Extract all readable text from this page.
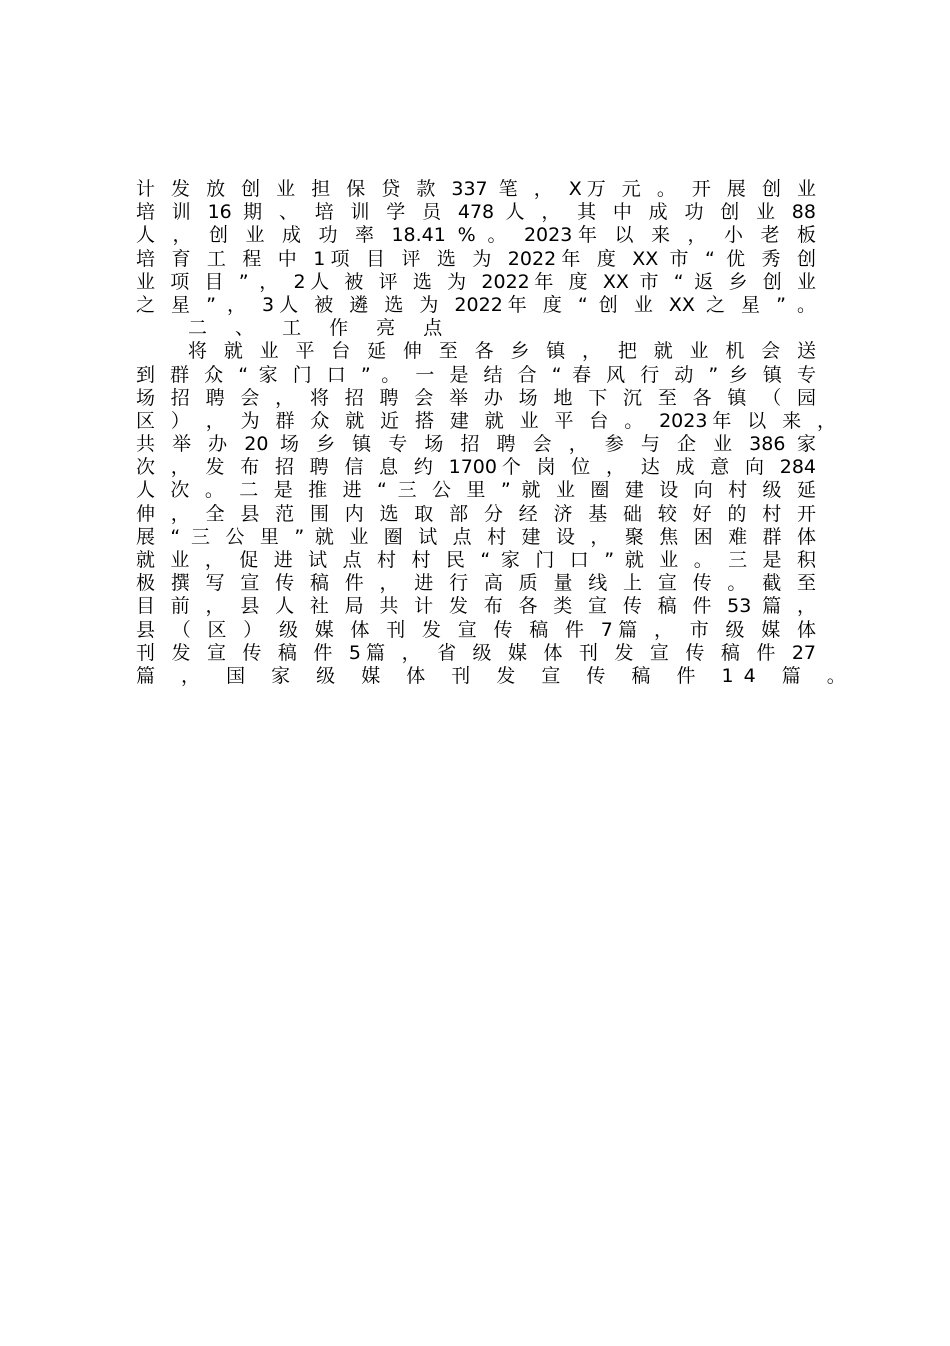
计 发 放 创 业 担 保 贷 款 337 笔 ， X万 元 。 开 展 创 业
培 训 16 期 、 培 训 学 员 478 人 ， 其 中 成 功 创 业 88
人 ， 创 业 成 功 率 18.41 % 。 2023年 以 来 ， 小 老 板
培 育 工 程 中 1项 目 评 选 为 2022年 度 XX 市 “ 优 秀 创
业 项 目 ” ， 2人 被 评 选 为 2022年 度 XX 市 “ 返 乡 创 业
之 星 ” ， 3人 被 遴 选 为 2022年 度 “ 创 业 XX 之 星 ” 。
二 、 工 作 亮 点
将 就 业 平 台 延 伸 至 各 乡 镇 ， 把 就 业 机 会 送
到 群 众 “ 家 门 口 ” 。 一 是 结 合 “ 春 风 行 动 ” 乡 镇 专
场 招 聘 会 ， 将 招 聘 会 举 办 场 地 下 沉 至 各 镇 （ 园
区 ） ， 为 群 众 就 近 搭 建 就 业 平 台 。 2023年 以 来 ，
共 举 办 20 场 乡 镇 专 场 招 聘 会 ， 参 与 企 业 386 家
次 ， 发 布 招 聘 信 息 约 1700个 岗 位 ， 达 成 意 向 284
人 次 。 二 是 推 进 “ 三 公 里 ” 就 业 圈 建 设 向 村 级 延
伸 ， 全 县 范 围 内 选 取 部 分 经 济 基 础 较 好 的 村 开
展 “ 三 公 里 ” 就 业 圈 试 点 村 建 设 ， 聚 焦 困 难 群 体
就 业 ， 促 进 试 点 村 村 民 “ 家 门 口 ” 就 业 。 三 是 积
极 撰 写 宣 传 稿 件 ， 进 行 高 质 量 线 上 宣 传 。 截 至
目 前 ， 县 人 社 局 共 计 发 布 各 类 宣 传 稿 件 53 篇 ，
县 （ 区 ） 级 媒 体 刊 发 宣 传 稿 件 7篇 ， 市 级 媒 体
刊 发 宣 传 稿 件 5篇 ， 省 级 媒 体 刊 发 宣 传 稿 件 27
篇 ， 国 家 级 媒 体 刊 发 宣 传 稿 件 14 篇 。
